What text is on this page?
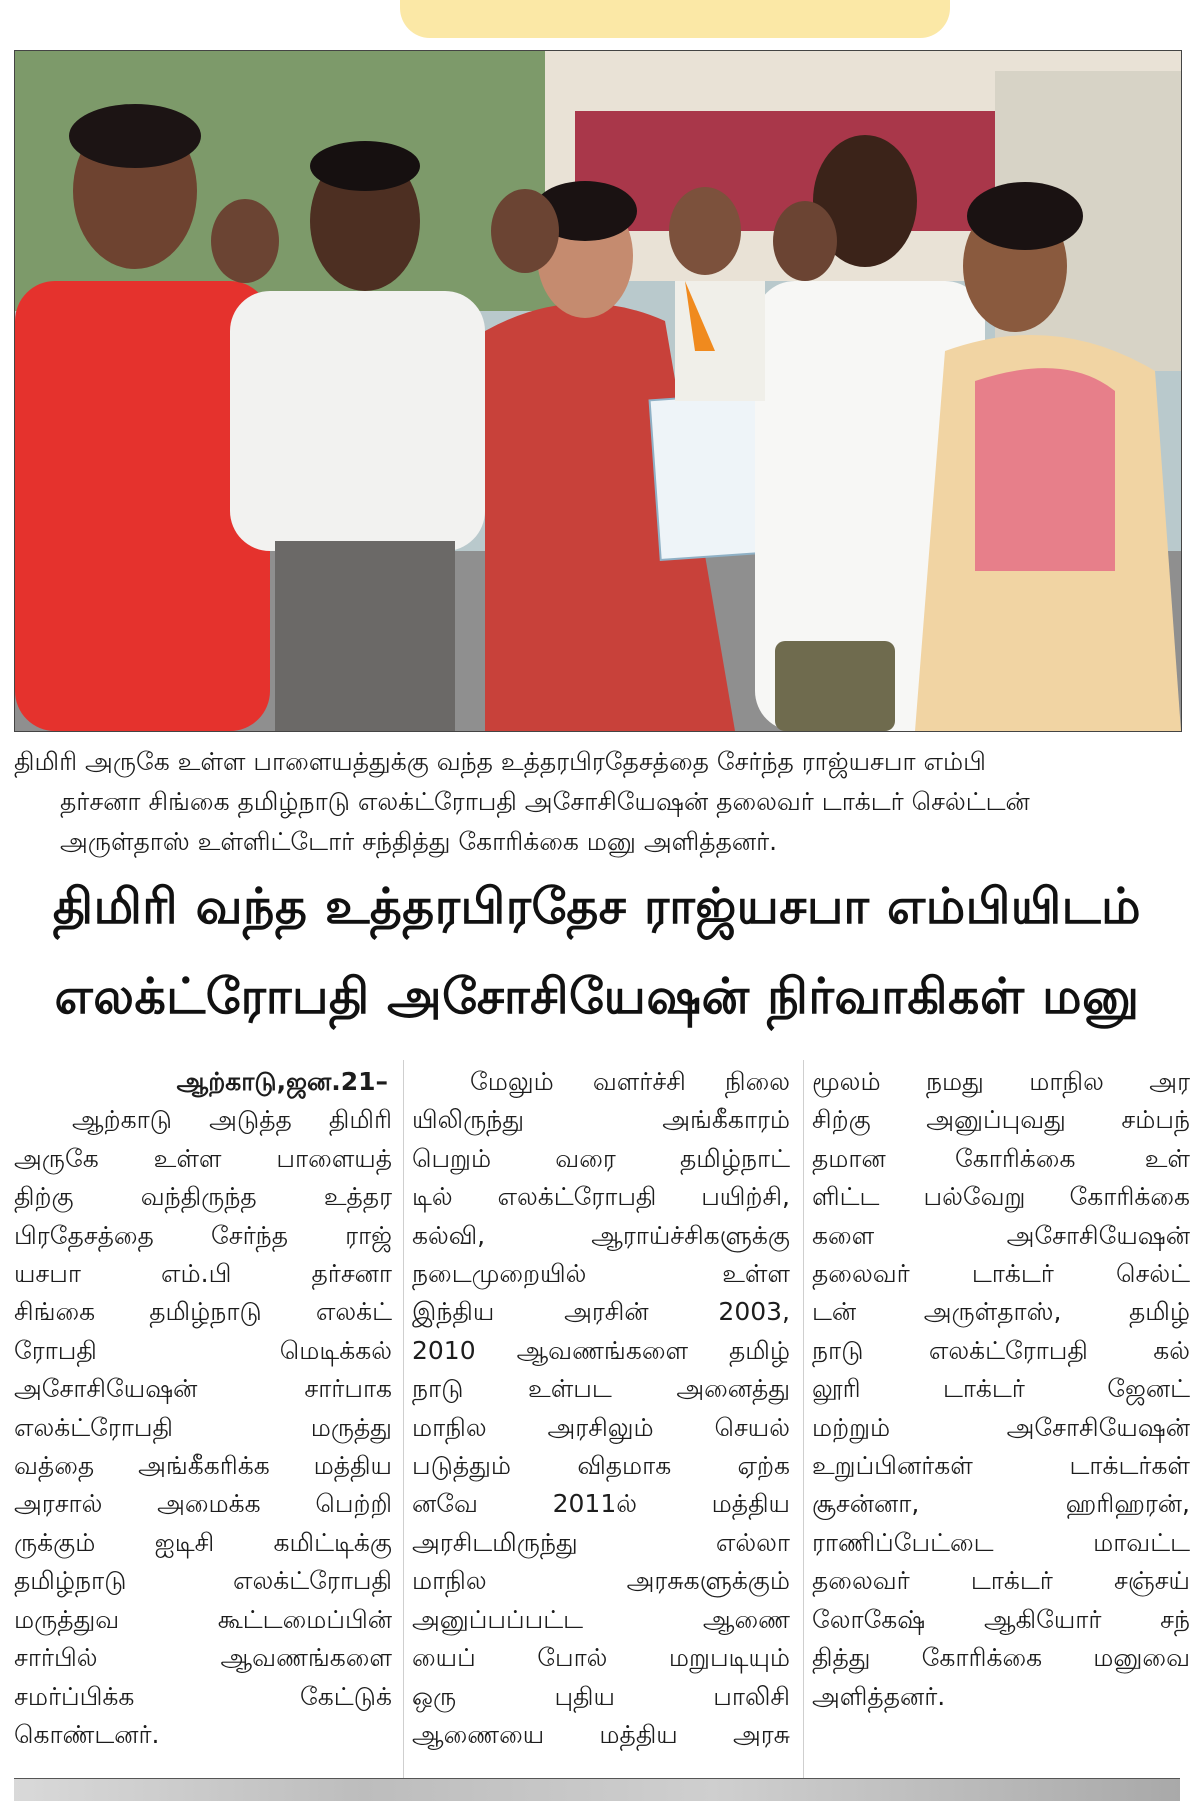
திமிரி அருகே உள்ள பாளையத்துக்கு வந்த உத்தரபிரதேசத்தை சேர்ந்த ராஜ்யசபா எம்பி
தர்சனா சிங்கை தமிழ்நாடு எலக்ட்ரோபதி அசோசியேஷன் தலைவர் டாக்டர் செல்ட்டன்
அருள்தாஸ் உள்ளிட்டோர் சந்தித்து கோரிக்கை மனு அளித்தனர்.
திமிரி வந்த உத்தரபிரதேச ராஜ்யசபா எம்பியிடம்
எலக்ட்ரோபதி அசோசியேஷன் நிர்வாகிகள் மனு
ஆற்காடு,ஜன.21–
ஆற்காடு அடுத்த திமிரி
அருகே உள்ள பாளையத்
திற்கு வந்திருந்த உத்தர
பிரதேசத்தை சேர்ந்த ராஜ்
யசபா எம்.பி தர்சனா
சிங்கை தமிழ்நாடு எலக்ட்
ரோபதி மெடிக்கல்
அசோசியேஷன் சார்பாக
எலக்ட்ரோபதி மருத்து
வத்தை அங்கீகரிக்க மத்திய
அரசால் அமைக்க பெற்றி
ருக்கும் ஐடிசி கமிட்டிக்கு
தமிழ்நாடு எலக்ட்ரோபதி
மருத்துவ கூட்டமைப்பின்
சார்பில் ஆவணங்களை
சமர்ப்பிக்க கேட்டுக்
கொண்டனர்.
மேலும் வளர்ச்சி நிலை
யிலிருந்து அங்கீகாரம்
பெறும் வரை தமிழ்நாட்
டில் எலக்ட்ரோபதி பயிற்சி,
கல்வி, ஆராய்ச்சிகளுக்கு
நடைமுறையில் உள்ள
இந்திய அரசின் 2003,
2010 ஆவணங்களை தமிழ்
நாடு உள்பட அனைத்து
மாநில அரசிலும் செயல்
படுத்தும் விதமாக ஏற்க
னவே 2011ல் மத்திய
அரசிடமிருந்து எல்லா
மாநில அரசுகளுக்கும்
அனுப்பப்பட்ட ஆணை
யைப் போல் மறுபடியும்
ஒரு புதிய பாலிசி
ஆணையை மத்திய அரசு
மூலம் நமது மாநில அர
சிற்கு அனுப்புவது சம்பந்
தமான கோரிக்கை உள்
ளிட்ட பல்வேறு கோரிக்கை
களை அசோசியேஷன்
தலைவர் டாக்டர் செல்ட்
டன் அருள்தாஸ், தமிழ்
நாடு எலக்ட்ரோபதி கல்
லூரி டாக்டர் ஜேனட்
மற்றும் அசோசியேஷன்
உறுப்பினர்கள் டாக்டர்கள்
சூசன்னா, ஹரிஹரன்,
ராணிப்பேட்டை மாவட்ட
தலைவர் டாக்டர் சஞ்சய்
லோகேஷ் ஆகியோர் சந்
தித்து கோரிக்கை மனுவை
அளித்தனர்.
